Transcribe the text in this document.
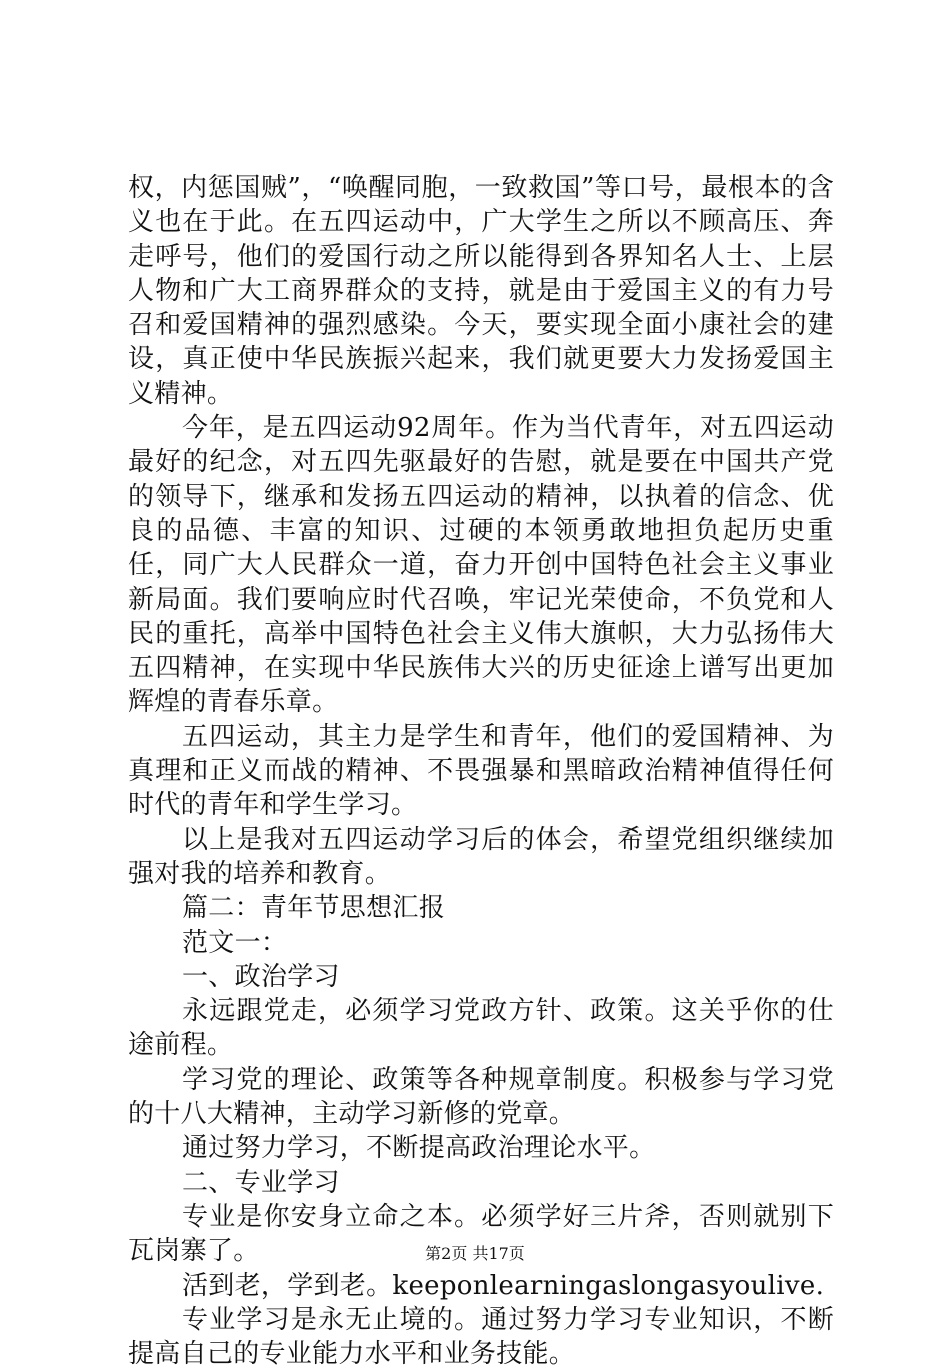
权，内惩国贼”，“唤醒同胞，一致救国”等口号，最根本的含义也在于此。在五四运动中，广大学生之所以不顾高压、奔走呼号，他们的爱国行动之所以能得到各界知名人士、上层人物和广大工商界群众的支持，就是由于爱国主义的有力号召和爱国精神的强烈感染。今天，要实现全面小康社会的建设，真正使中华民族振兴起来，我们就更要大力发扬爱国主义精神。

今年，是五四运动92周年。作为当代青年，对五四运动最好的纪念，对五四先驱最好的告慰，就是要在中国共产党的领导下，继承和发扬五四运动的精神，以执着的信念、优良的品德、丰富的知识、过硬的本领勇敢地担负起历史重任，同广大人民群众一道，奋力开创中国特色社会主义事业新局面。我们要响应时代召唤，牢记光荣使命，不负党和人民的重托，高举中国特色社会主义伟大旗帜，大力弘扬伟大五四精神，在实现中华民族伟大兴的历史征途上谱写出更加辉煌的青春乐章。

五四运动，其主力是学生和青年，他们的爱国精神、为真理和正义而战的精神、不畏强暴和黑暗政治精神值得任何时代的青年和学生学习。

以上是我对五四运动学习后的体会，希望党组织继续加强对我的培养和教育。

篇二：青年节思想汇报

范文一：

一、政治学习

永远跟党走，必须学习党政方针、政策。这关乎你的仕途前程。

学习党的理论、政策等各种规章制度。积极参与学习党的十八大精神，主动学习新修的党章。

通过努力学习，不断提高政治理论水平。

二、专业学习

专业是你安身立命之本。必须学好三片斧，否则就别下瓦岗寨了。

活到老，学到老。keeponlearningaslongasyoulive.

专业学习是永无止境的。通过努力学习专业知识，不断提高自己的专业能力水平和业务技能。

第2页 共17页
